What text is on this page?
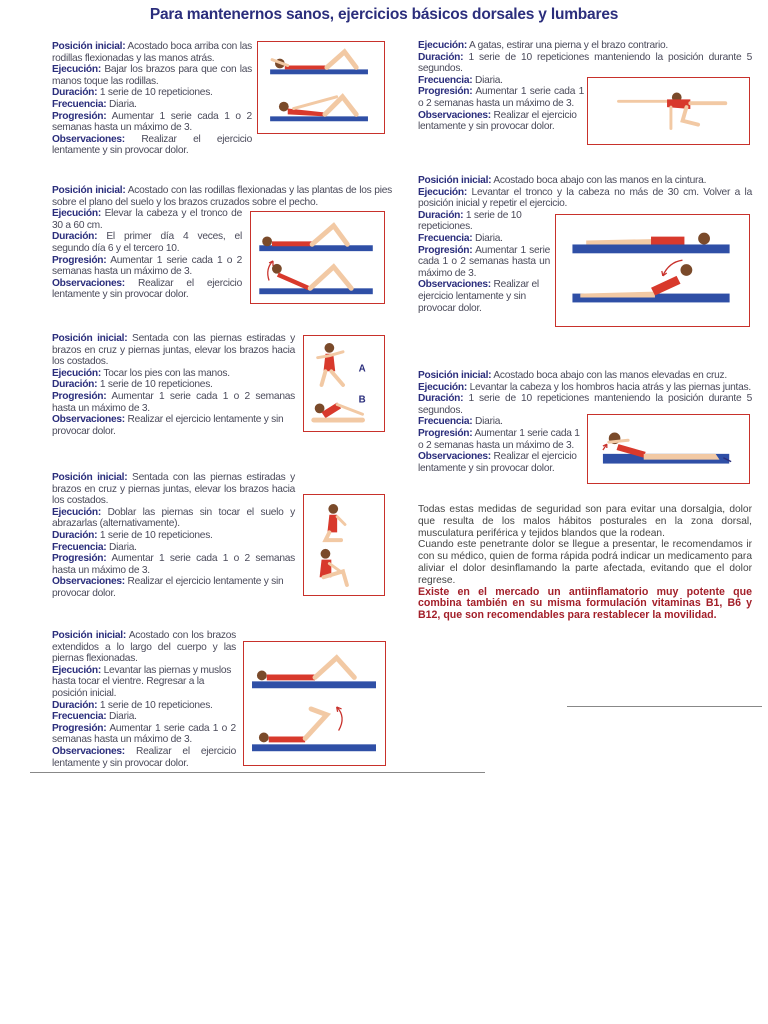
Para mantenernos sanos, ejercicios básicos dorsales y lumbares

Posición inicial: Acostado boca arriba con las rodillas flexionadas y las manos atrás.

Ejecución: Bajar los brazos para que con las manos toque las rodillas.

Duración: 1 serie de 10 repeticiones.

Frecuencia: Diaria.

Progresión: Aumentar 1 serie cada 1 o 2 semanas hasta un máximo de 3.

Observaciones: Realizar el ejercicio lentamente y sin provocar dolor.

Posición inicial: Acostado con las rodillas flexionadas y las plantas de los pies sobre el plano del suelo y los brazos cruzados sobre el pecho.

Ejecución: Elevar la cabeza y el tronco de 30 a 60 cm.

Duración: El primer día 4 veces, el segundo día 6 y el tercero 10.

Progresión: Aumentar 1 serie cada 1 o 2 semanas hasta un máximo de 3.

Observaciones: Realizar el ejercicio lentamente y sin provocar dolor.

Posición inicial: Sentada con las piernas estiradas y brazos en cruz y piernas juntas, elevar los brazos hacia los costados.

Ejecución: Tocar los pies con las manos.

Duración: 1 serie de 10 repeticiones.

Progresión: Aumentar 1 serie cada 1 o 2 semanas hasta un máximo de 3.

Observaciones: Realizar el ejercicio lentamente y sin provocar dolor.

A
B

Posición inicial: Sentada con las piernas estiradas y brazos en cruz y piernas juntas, elevar los brazos hacia los costados.

Ejecución: Doblar las piernas sin tocar el suelo y abrazarlas (alternativamente).

Duración: 1 serie de 10 repeticiones.

Frecuencia: Diaria.

Progresión: Aumentar 1 serie cada 1 o 2 semanas hasta un máximo de 3.

Observaciones: Realizar el ejercicio lentamente y sin provocar dolor.

Posición inicial: Acostado con los brazos extendidos a lo largo del cuerpo y las piernas flexionadas.

Ejecución: Levantar las piernas y muslos hasta tocar el vientre. Regresar a la posición inicial.

Duración: 1 serie de 10 repeticiones.

Frecuencia: Diaria.

Progresión: Aumentar 1 serie cada 1 o 2 semanas hasta un máximo de 3.

Observaciones: Realizar el ejercicio lentamente y sin provocar dolor.

Ejecución: A gatas, estirar una pierna y el brazo contrario.

Duración: 1 serie de 10 repeticiones manteniendo la posición durante 5 segundos.

Frecuencia: Diaria.

Progresión: Aumentar 1 serie cada 1 o 2 semanas hasta un máximo de 3.

Observaciones: Realizar el ejercicio lentamente y sin provocar dolor.

Posición inicial: Acostado boca abajo con las manos en la cintura.

Ejecución: Levantar el tronco y la cabeza no más de 30 cm. Volver a la posición inicial y repetir el ejercicio.

Duración: 1 serie de 10 repeticiones.

Frecuencia: Diaria.

Progresión: Aumentar 1 serie cada 1 o 2 semanas hasta un máximo de 3.

Observaciones: Realizar el ejercicio lentamente y sin provocar dolor.

Posición inicial: Acostado boca abajo con las manos elevadas en cruz.

Ejecución: Levantar la cabeza y los hombros hacia atrás y las piernas juntas.

Duración: 1 serie de 10 repeticiones manteniendo la posición durante 5 segundos.

Frecuencia: Diaria.

Progresión: Aumentar 1 serie cada 1 o 2 semanas hasta un máximo de 3.

Observaciones: Realizar el ejercicio lentamente y sin provocar dolor.

Todas estas medidas de seguridad son para evitar una dorsalgia, dolor que resulta de los malos hábitos posturales en la zona dorsal, musculatura periférica y tejidos blandos que la rodean.

Cuando este penetrante dolor se llegue a presentar, le recomendamos ir con su médico, quien de forma rápida podrá indicar un medicamento para aliviar el dolor desinflamando la parte afectada, evitando que el dolor regrese.

Existe en el mercado un antiinflamatorio muy potente que combina también en su misma formulación vitaminas B1, B6 y B12, que son recomendables para restablecer la movilidad.
